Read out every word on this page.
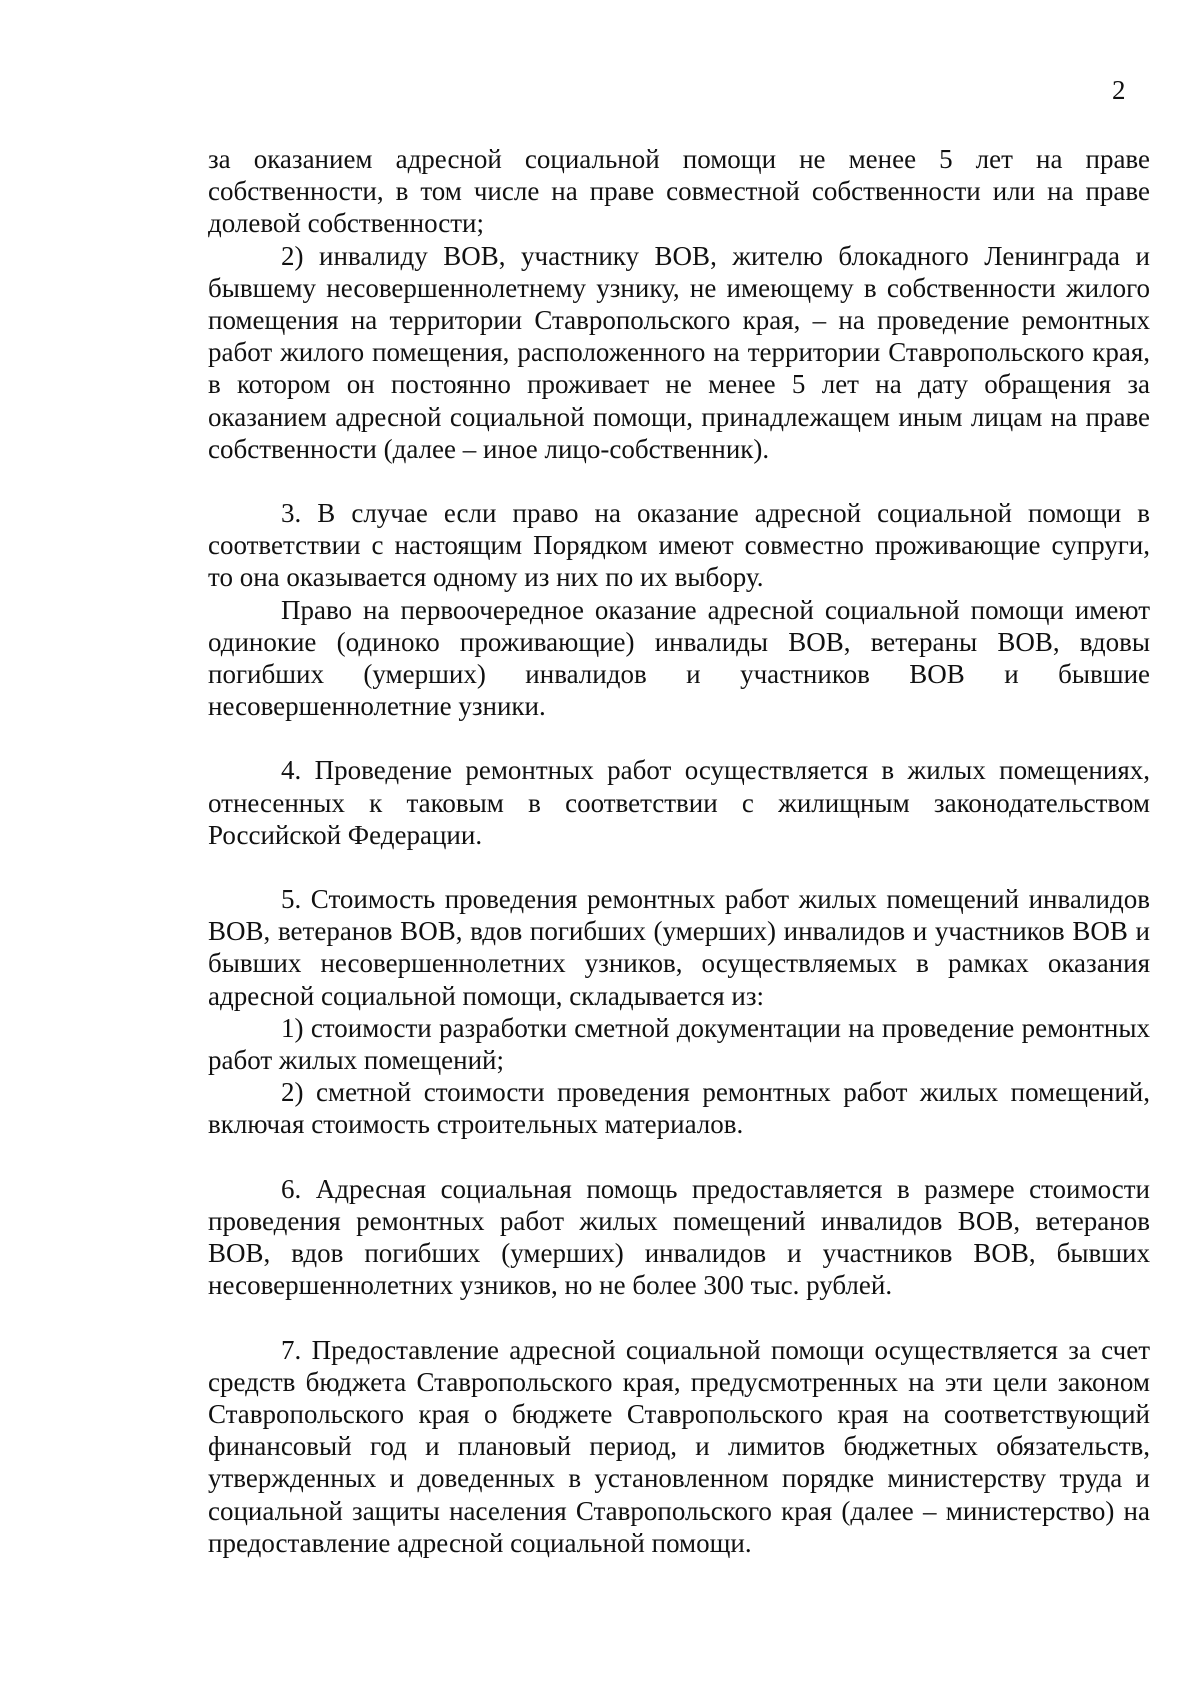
2

за оказанием адресной социальной помощи не менее 5 лет на праве собственности, в том числе на праве совместной собственности или на праве долевой собственности;

2) инвалиду ВОВ, участнику ВОВ, жителю блокадного Ленинграда и бывшему несовершеннолетнему узнику, не имеющему в собственности жилого помещения на территории Ставропольского края, – на проведение ремонтных работ жилого помещения, расположенного на территории Ставропольского края, в котором он постоянно проживает не менее 5 лет на дату обращения за оказанием адресной социальной помощи, принадлежащем иным лицам на праве собственности (далее – иное лицо-собственник).

3. В случае если право на оказание адресной социальной помощи в соответствии с настоящим Порядком имеют совместно проживающие супруги, то она оказывается одному из них по их выбору.

Право на первоочередное оказание адресной социальной помощи имеют одинокие (одиноко проживающие) инвалиды ВОВ, ветераны ВОВ, вдовы погибших (умерших) инвалидов и участников ВОВ и бывшие несовершеннолетние узники.

4. Проведение ремонтных работ осуществляется в жилых помещениях, отнесенных к таковым в соответствии с жилищным законодательством Российской Федерации.

5. Стоимость проведения ремонтных работ жилых помещений инвалидов ВОВ, ветеранов ВОВ, вдов погибших (умерших) инвалидов и участников ВОВ и бывших несовершеннолетних узников, осуществляемых в рамках оказания адресной социальной помощи, складывается из:

1) стоимости разработки сметной документации на проведение ремонтных работ жилых помещений;

2) сметной стоимости проведения ремонтных работ жилых помещений, включая стоимость строительных материалов.

6. Адресная социальная помощь предоставляется в размере стоимости проведения ремонтных работ жилых помещений инвалидов ВОВ, ветеранов ВОВ, вдов погибших (умерших) инвалидов и участников ВОВ, бывших несовершеннолетних узников, но не более 300 тыс. рублей.

7. Предоставление адресной социальной помощи осуществляется за счет средств бюджета Ставропольского края, предусмотренных на эти цели законом Ставропольского края о бюджете Ставропольского края на соответствующий финансовый год и плановый период, и лимитов бюджетных обязательств, утвержденных и доведенных в установленном порядке министерству труда и социальной защиты населения Ставропольского края (далее – министерство) на предоставление адресной социальной помощи.
